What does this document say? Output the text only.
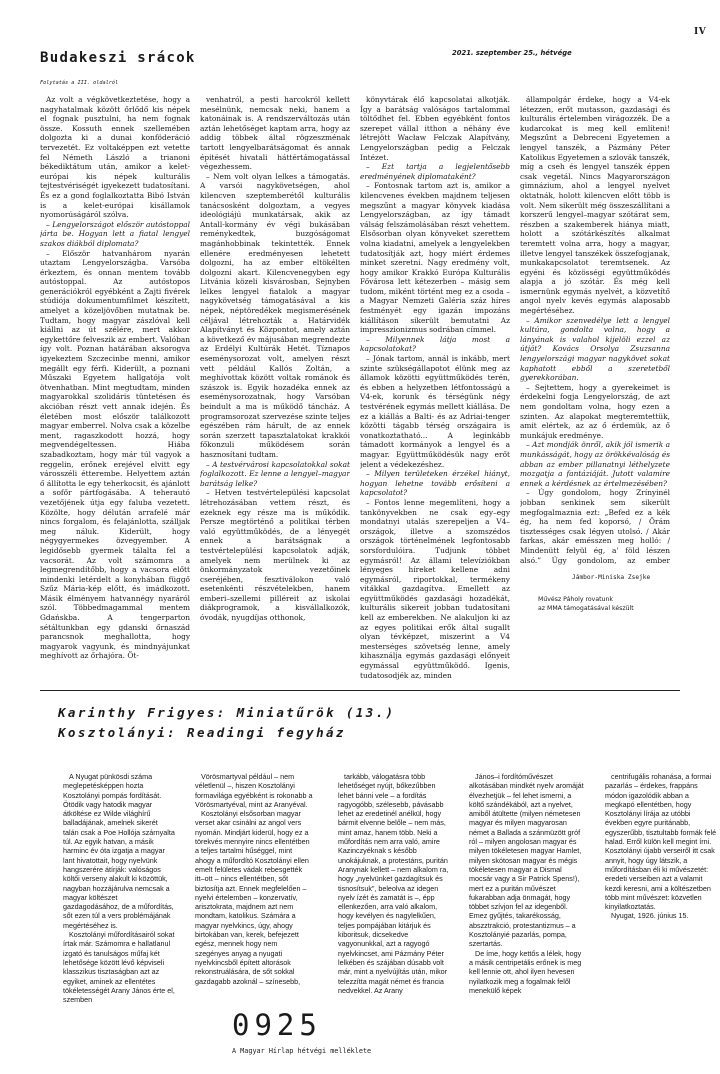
IV
2021. szeptember 25., hétvége
Budakeszi srácok
Folytatás a III. oldalról

Az volt a végkövetkeztetése, hogy a nagyhatalmak között őrlődő kis népek el fognak pusztulni, ha nem fognak össze. Kossuth ennek szellemében dolgozta ki a dunai konföderáció tervezetét. Ez voltaképpen ezt vetette fel Németh László a trianoni békediktátum után, amikor a kelet-európai kis népek kulturális tejtestvériségét igyekezett tudatosítani. És ez a gond foglalkoztatta Bibó István is a kelet-európai kisállamok nyomorúságáról szólva.

– Lengyelországot először autóstoppal járta be. Hogyan lett a fiatal lengyel szakos diákból diplomata?

– Először hatvanhárom nyarán utaztam Lengyelországba. Varsóba érkeztem, és onnan mentem tovább autóstoppal. Az autóstopos generációkról egyébként a Zajti fivérek stúdiója dokumentumfilmet készített, amelyet a közeljövőben mutatnak be. Tudtam, hogy magyar zászlóval kell kiállni az út szélére, mert akkor egykettőre felveszik az embert. Valóban így volt. Poznan határában aksorogva igyekeztem Szczecinbe menni, amikor megállt egy férfi. Kiderült, a poznani Műszaki Egyetem hallgatója volt ötvenhatban. Mint megtudtam, minden magyarokkal szolidáris tüntetésen és akcióban részt vett annak idején. És életében most először találkozott magyar emberrel. Nolva csak a közelbe ment, ragaszkodott hozzá, hogy megvendégeltessen. Hiába szabadkoztam, hogy már túl vagyok a reggelin, erőnek erejével elvitt egy városszéli étterembe. Helyettem aztán ő állította le egy teherkocsit, és ajánlott a sofőr pártfogásába. A teherautó vezetőjének útja egy faluba vezetett. Közölte, hogy délután arrafelé már nincs forgalom, és felajánlotta, szálljak meg náluk. Kiderült, hogy négygyermekes özvegyember. A legidősebb gyermek tálalta fel a vacsorát. Az volt számomra a legmegrendítőbb, hogy a vacsora előtt mindenki letérdelt a konyhában függő Szűz Mária-kép előtt, és imádkozott. Másik élményem hatvannégy nyaráról szól. Többedmagammal mentem Gdańskba. A tengerparton sétáltunkban egy gdanski őrnaszád parancsnok meghallotta, hogy magyarok vagyunk, és mindnyájunkat meghívott az őrhajóra. Öt-

venhatról, a pesti harcokról kellett mesélnünk, nemcsak neki, hanem a katonáinak is. A rendszerváltozás után aztán lehetőséget kaptam arra, hogy az addig többek által rögzeszménak tartott lengyelbarátságomat és annak épitését hivatali háttértámogatással végezhessem.

– Nem volt olyan lelkes a támogatás. A varsói nagykövetségen, ahol kilencven szeptemberétől kulturális tanácsosként dolgoztam, a vegyes ideológiájú munkatársak, akik az Antall-kormány év végi bukásában reménykedtek, buzgóságomat magánhobbinak tekintették. Ennek ellenére eredményesen lehetett dolgozni, ha az ember eltökélten dolgozni akart. Kilencvenegyben egy Litvánia közeli kisvárosban, Sejnyben lelkes lengyel fiatalok a magyar nagykövetség támogatásával a kis népek, néptöredékek megismerésének céljával létrehozták a Határvidék Alapítványt és Központot, amely aztán a következő év májusában megrendezte az Erdélyi Kultúrák Hetét. Tíznapos eseménysorozat volt, amelyen részt vett például Kallós Zoltán, a meghívottak között voltak románok és szászok is. Egyik hozadéka ennek az eseménysorozatnak, hogy Varsóban beindult a ma is működő táncház. A programsorozat szervezése szinte teljes egészében rám hárult, de az ennek során szerzett tapasztalatokat krakkói főkonzuli működésem során hasznosítani tudtam.

– A testvérvárosi kapcsolatokkal sokat foglalkozott. Ez lenne a lengyel–magyar barátság lelke?

– Hetven testvértelepülési kapcsolat létrehozásában vettem részt, és ezeknek egy része ma is működik. Persze megtörténő a politikai térben való együttműködés, de a lényegét ennek a barátságnak a testvértelepülési kapcsolatok adják, amelyek nem merülnek ki az önkormányzatok vezetőinek cseréjében, fesztiválokon való esetenkénti részvételekben, hanem emberi–szellemi pilléreit az iskolai diákprogramok, a kisvállalkozók, óvodák, nyugdíjas otthonok,

könyvtárak élő kapcsolatai alkotják. Így a barátság valóságos tartalommal töltődhet fel. Ebben egyébként fontos szerepet vállal itthon a néhány éve létrejött Wacław Felczak Alapítvány, Lengyelországban pedig a Felczak Intézet.

– Ezt tartja a legjelentősebb eredményének diplomataként?

– Fontosnak tartom azt is, amikor a kilencvenes években majdnem teljesen megszűnt a magyar könyvek kiadása Lengyelországban, az így támadt válság felszámolásában részt vehettem. Elsősorban olyan könyveket szerettem volna kiadatni, amelyek a lengyelekben tudatosítják azt, hogy miért érdemes minket szeretni. Nagy eredmény volt, hogy amikor Krakkó Európa Kulturális Fővárosa lett kétezerben – másig sem tudom, miként történt meg ez a csoda – a Magyar Nemzeti Galéria száz híres festményét egy igazán impozáns kiállításon sikerült bemutatni Az impresszionizmus sodrában címmel.

– Milyennek látja most a kapcsolatokat?

– Jónak tartom, annál is inkább, mert szinte szükségállapotot élünk meg az államok közötti együttműködés terén, és ebben a helyzetben létfontosságú a V4-ek, korunk és térségünk négy testvérének egymás mellett kiállása. De ez a kiállás a Balti- és az Adriai-tenger közötti tágabb térség országaira is vonatkoztatható... A leginkább támadott kormányok a lengyel és a magyar. Együttműködésük nagy erőt jelent a védekezéshez.

– Milyen területeken érzékel hiányt, hogyan lehetne tovább erősíteni a kapcsolatot?

– Fontos lenne megemlíteni, hogy a tankönyvekben ne csak egy–egy mondatnyi utalás szerepeljen a V4–országok, illetve a szomszédos országok történelmének legfontosabb sorsfordulóira. Tudjunk többet egymásról! Az állami televíziókban lényeges híreket kellene adni egymásról, riportokkal, termékeny vitákkal gazdagítva. Emellett az együttműködés gazdasági hozadékát, kulturális sikereit jobban tudatosítani kell az emberekben. Ne alakuljon ki az az egyes politikai erők által sugallt olyan tévképzet, miszerint a V4 mesterséges szövetség lenne, amely kihasználja egymás gazdasági előnyeit egymással együttműködő. Igenis, tudatosodjék az, minden

állampolgár érdeke, hogy a V4-ek létezzen, erőt mutasson, gazdasági és kulturális értelemben virágozzék. De a kudarcokat is meg kell említeni! Megszűnt a Debreceni Egyetemen a lengyel tanszék, a Pázmány Péter Katolikus Egyetemen a szlovák tanszék, míg a cseh és lengyel tanszék éppen csak vegetál. Nincs Magyarországon gimnázium, ahol a lengyel nyelvet oktatnák, holott kilencven előtt több is volt. Nem sikerült még összeszállítani a korszerű lengyel–magyar szótárat sem, részben a szakemberek hiánya miatt, holott a szótárkészítés alkalmat teremtett volna arra, hogy a magyar, illetve lengyel tanszékek összefogjanak, munkakapcsolatot teremtsenek. Az egyéni és közösségi együttműködés alapja a jó szótár. És még kell ismernünk egymás nyelvét, a közvetítő angol nyelv kevés egymás alaposabb megértéséhez.

– Amikor szenvedélye lett a lengyel kultúra, gondolta volna, hogy a lányának is valahol kijelöli ezzel az útját? Kovács Orsolya Zsuzsanna lengyelországi magyar nagykövet sokat kaphatott ebből a szeretetből gyerekkorában.

– Sejtettem, hogy a gyerekeimet is érdekelni fogja Lengyelország, de azt nem gondoltam volna, hogy ezen a szinten. Az alapokat megteremtettük, amit elértek, az az ő érdemük, az ő munkájuk eredménye.

– Azt mondják önről, akik jól ismerik a munkásságát, hogy az örökkévalóság és abban az ember pillanatnyi léthelyzete mozgatja a fantáziáját. Jutott valamire ennek a kérdésnek az értelmezésében?

– Úgy gondolom, hogy Zrínyinél jobban senkinek sem sikerült megfogalmaznia ezt: „Befed ez a kék ég, ha nem fed koporsó, / Őrám tisztességes csak légyen utolsó. / Akár farkas, akár emésszen meg holló: / Mindenütt felyül ég, a' föld lészen alsó.” Úgy gondolom, az ember

Jámbor-Miniska Zsejke
Művész Páholy rovatunk
az MMA támogatásával készült
Karinthy Frigyes: Miniatűrök (13.)
Kosztolányi: Readingi fegyház

A Nyugat pünkösdi száma meglepetésképpen hozta Kosztolányi pompás fordítását. Ötödik vagy hatodik magyar átköltése ez Wilde világhírű balladájának, amelnek sikerét talán csak a Poe Hollója szárnyalta túl. Az egyik hatvan, a másik harminc év óta izgatja a magyar lant hivatottait, hogy nyelvünk hangszerére átírják: valóságos költői verseny alakult ki közöttük, nagyban hozzájárulva nemcsak a magyar költészet gazdagodásához, de a műfordítás, sőt ezen túl a vers problémájának megértéséhez is.

Kosztolányi műfordításairól sokat írtak már. Számomra e hallatlanul izgató és tanulságos műfaj két lehetősége között lévő képviseli klasszikus tisztaságban azt az egyiket, aminek az ellentétes tökéletességét Arany János érte el, szemben

Vörösmartyval például – nem véletlenül –, hiszen Kosztolányi formavilága egyébként is rokonabb a Vörösmartyéval, mint az Aranyéval.

Kosztolányi elsősorban magyar verset akar csinálni az angol vers nyomán. Mindjárt kiderül, hogy ez a törekvés mennyire nincs ellentétben a teljes tartalmi hűséggel, mint ahogy a műfordító Kosztolányi ellen emelt felületes vádak rebesgették itt–ott – nincs ellentétben, sőt biztosítja azt. Ennek megfelelően – nyelvi értelemben – konzervatív, arisztokrata, majdnem azt nem mondtam, katolikus. Számára a magyar nyelvkincs, úgy, ahogy birtokában van, kerek, befejezett egész, mennek hogy nem szegényes anyag a nyugati nyelvkincsből épített altorások rekonstruálására, de sőt sokkal gazdagabb azoknál – színesebb,

tarkább, válogatásra több lehetőséget nyújt, bőkezűbben lehet bánni vele – a fordítás ragyogóbb, szélesebb, pávásabb lehet az eredetinél anélkül, hogy bármit elvenne belőle – nem más, mint amaz, hanem több. Neki a műfordítás nem arra való, amire Kazinczyéknak s később unokájuknak, a protestáns, puritán Aranynak kellett – nem alkalom ra, hogy „nyelvünket gazdagítsuk és tisnosítsuk”, beleolva az idegen nyelv ízét és zamatát is –, épp ellenkezően, arra való alkalom, hogy kevélyen és nagylelkűen, teljes pompájában kitárjuk és kiboritsuk, dicsekedve vagyonunkkal, azt a ragyogó nyelvkincset, ami Pázmány Péter lelkében és szájában dúsabb volt már, mint a nyelvújítás után, mikor telezzítta magát német és francia nedvekkel. Az Arany

János–i fordítóművészet alkotásában mindkét nyelv aromáját élvezhetjük – fel lehet ismerni, a költő szándékából, azt a nyelvet, amiből átültette (milyen németesen magyar és milyen magyarosan német a Ballada a szánmüzött gróf ról – milyen angolosan magyar és milyen tökéletesen magyar Hamlet, milyen skótosan magyar és mégis tökéletesen magyar a Dismal mocsár vagy a Sir Patrick Spens!), mert ez a puritán művészet fukarabban adja önmagát, hogy többet szívjon fel az idegenből. Emez gyűjtés, takarékosság, abszztrakció, protestantizmus – a Kosztolányié pazarlás, pompa, szertartás.

De íme, hogy kettős a lélek, hogy a másik centripetális erőnek is meg kell lennie ott, ahol ilyen hevesen nyilatkozik meg a fogalmak felől menekülő képek

centrifugális rohanása, a formai pazarlás – érdekes, frappáns módon igazolódik abban a megkapó ellentétben, hogy Kosztolányi lírája az utóbbi években egyre puritánabb, egyszerűbb, tisztultabb formák felé halad. Erről külön kell megint írni. Kosztolányi újabb verseiről itt csak annyit, hogy úgy látszik, a műfordításban éli ki művészetét: eredeti verseiben azt a valamit kezdi keresni, ami a költészetben több mint művészet: közvetlen kinyilatkoztatás.

Nyugat, 1926. június 15.

0925
A Magyar Hírlap hétvégi melléklete
